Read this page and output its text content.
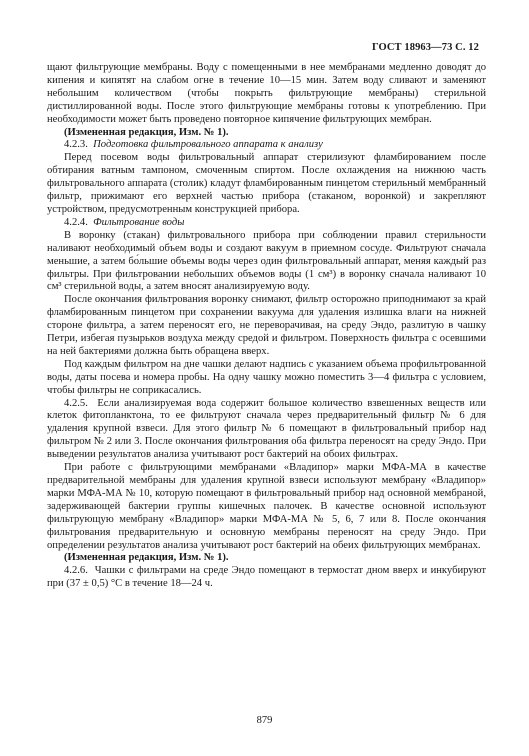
ГОСТ 18963—73 С. 12

щают фильтрующие мембраны. Воду с помещенными в нее мембранами медленно доводят до кипения и кипятят на слабом огне в течение 10—15 мин. Затем воду сливают и заменяют небольшим количеством (чтобы покрыть фильтрующие мембраны) стерильной дистиллированной воды. После этого фильтрующие мембраны готовы к употреблению. При необходимости может быть проведено повторное кипячение фильтрующих мембран.

(Измененная редакция, Изм. № 1).

4.2.3. Подготовка фильтровального аппарата к анализу

Перед посевом воды фильтровальный аппарат стерилизуют фламбированием после обтирания ватным тампоном, смоченным спиртом. После охлаждения на нижнюю часть фильтровального аппарата (столик) кладут фламбированным пинцетом стерильный мембранный фильтр, прижимают его верхней частью прибора (стаканом, воронкой) и закрепляют устройством, предусмотренным конструкцией прибора.

4.2.4. Фильтрование воды

В воронку (стакан) фильтровального прибора при соблюдении правил стерильности наливают необходимый объем воды и создают вакуум в приемном сосуде. Фильтруют сначала меньшие, а затем бо́льшие объемы воды через один фильтровальный аппарат, меняя каждый раз фильтры. При фильтровании небольших объемов воды (1 см³) в воронку сначала наливают 10 см³ стерильной воды, а затем вносят анализируемую воду.

После окончания фильтрования воронку снимают, фильтр осторожно приподнимают за край фламбированным пинцетом при сохранении вакуума для удаления излишка влаги на нижней стороне фильтра, а затем переносят его, не переворачивая, на среду Эндо, разлитую в чашку Петри, избегая пузырьков воздуха между средой и фильтром. Поверхность фильтра с осевшими на ней бактериями должна быть обращена вверх.

Под каждым фильтром на дне чашки делают надпись с указанием объема профильтрованной воды, даты посева и номера пробы. На одну чашку можно поместить 3—4 фильтра с условием, чтобы фильтры не соприкасались.

4.2.5. Если анализируемая вода содержит большое количество взвешенных веществ или клеток фитопланктона, то ее фильтруют сначала через предварительный фильтр № 6 для удаления крупной взвеси. Для этого фильтр № 6 помещают в фильтровальный прибор над фильтром № 2 или 3. После окончания фильтрования оба фильтра переносят на среду Эндо. При выведении результатов анализа учитывают рост бактерий на обоих фильтрах.

При работе с фильтрующими мембранами «Владипор» марки МФА-МА в качестве предварительной мембраны для удаления крупной взвеси используют мембрану «Владипор» марки МФА-МА № 10, которую помещают в фильтровальный прибор над основной мембраной, задерживающей бактерии группы кишечных палочек. В качестве основной используют фильтрующую мембрану «Владипор» марки МФА-МА № 5, 6, 7 или 8. После окончания фильтрования предварительную и основную мембраны переносят на среду Эндо. При определении результатов анализа учитывают рост бактерий на обеих фильтрующих мембранах.

(Измененная редакция, Изм. № 1).

4.2.6. Чашки с фильтрами на среде Эндо помещают в термостат дном вверх и инкубируют при (37 ± 0,5) °С в течение 18—24 ч.

879
